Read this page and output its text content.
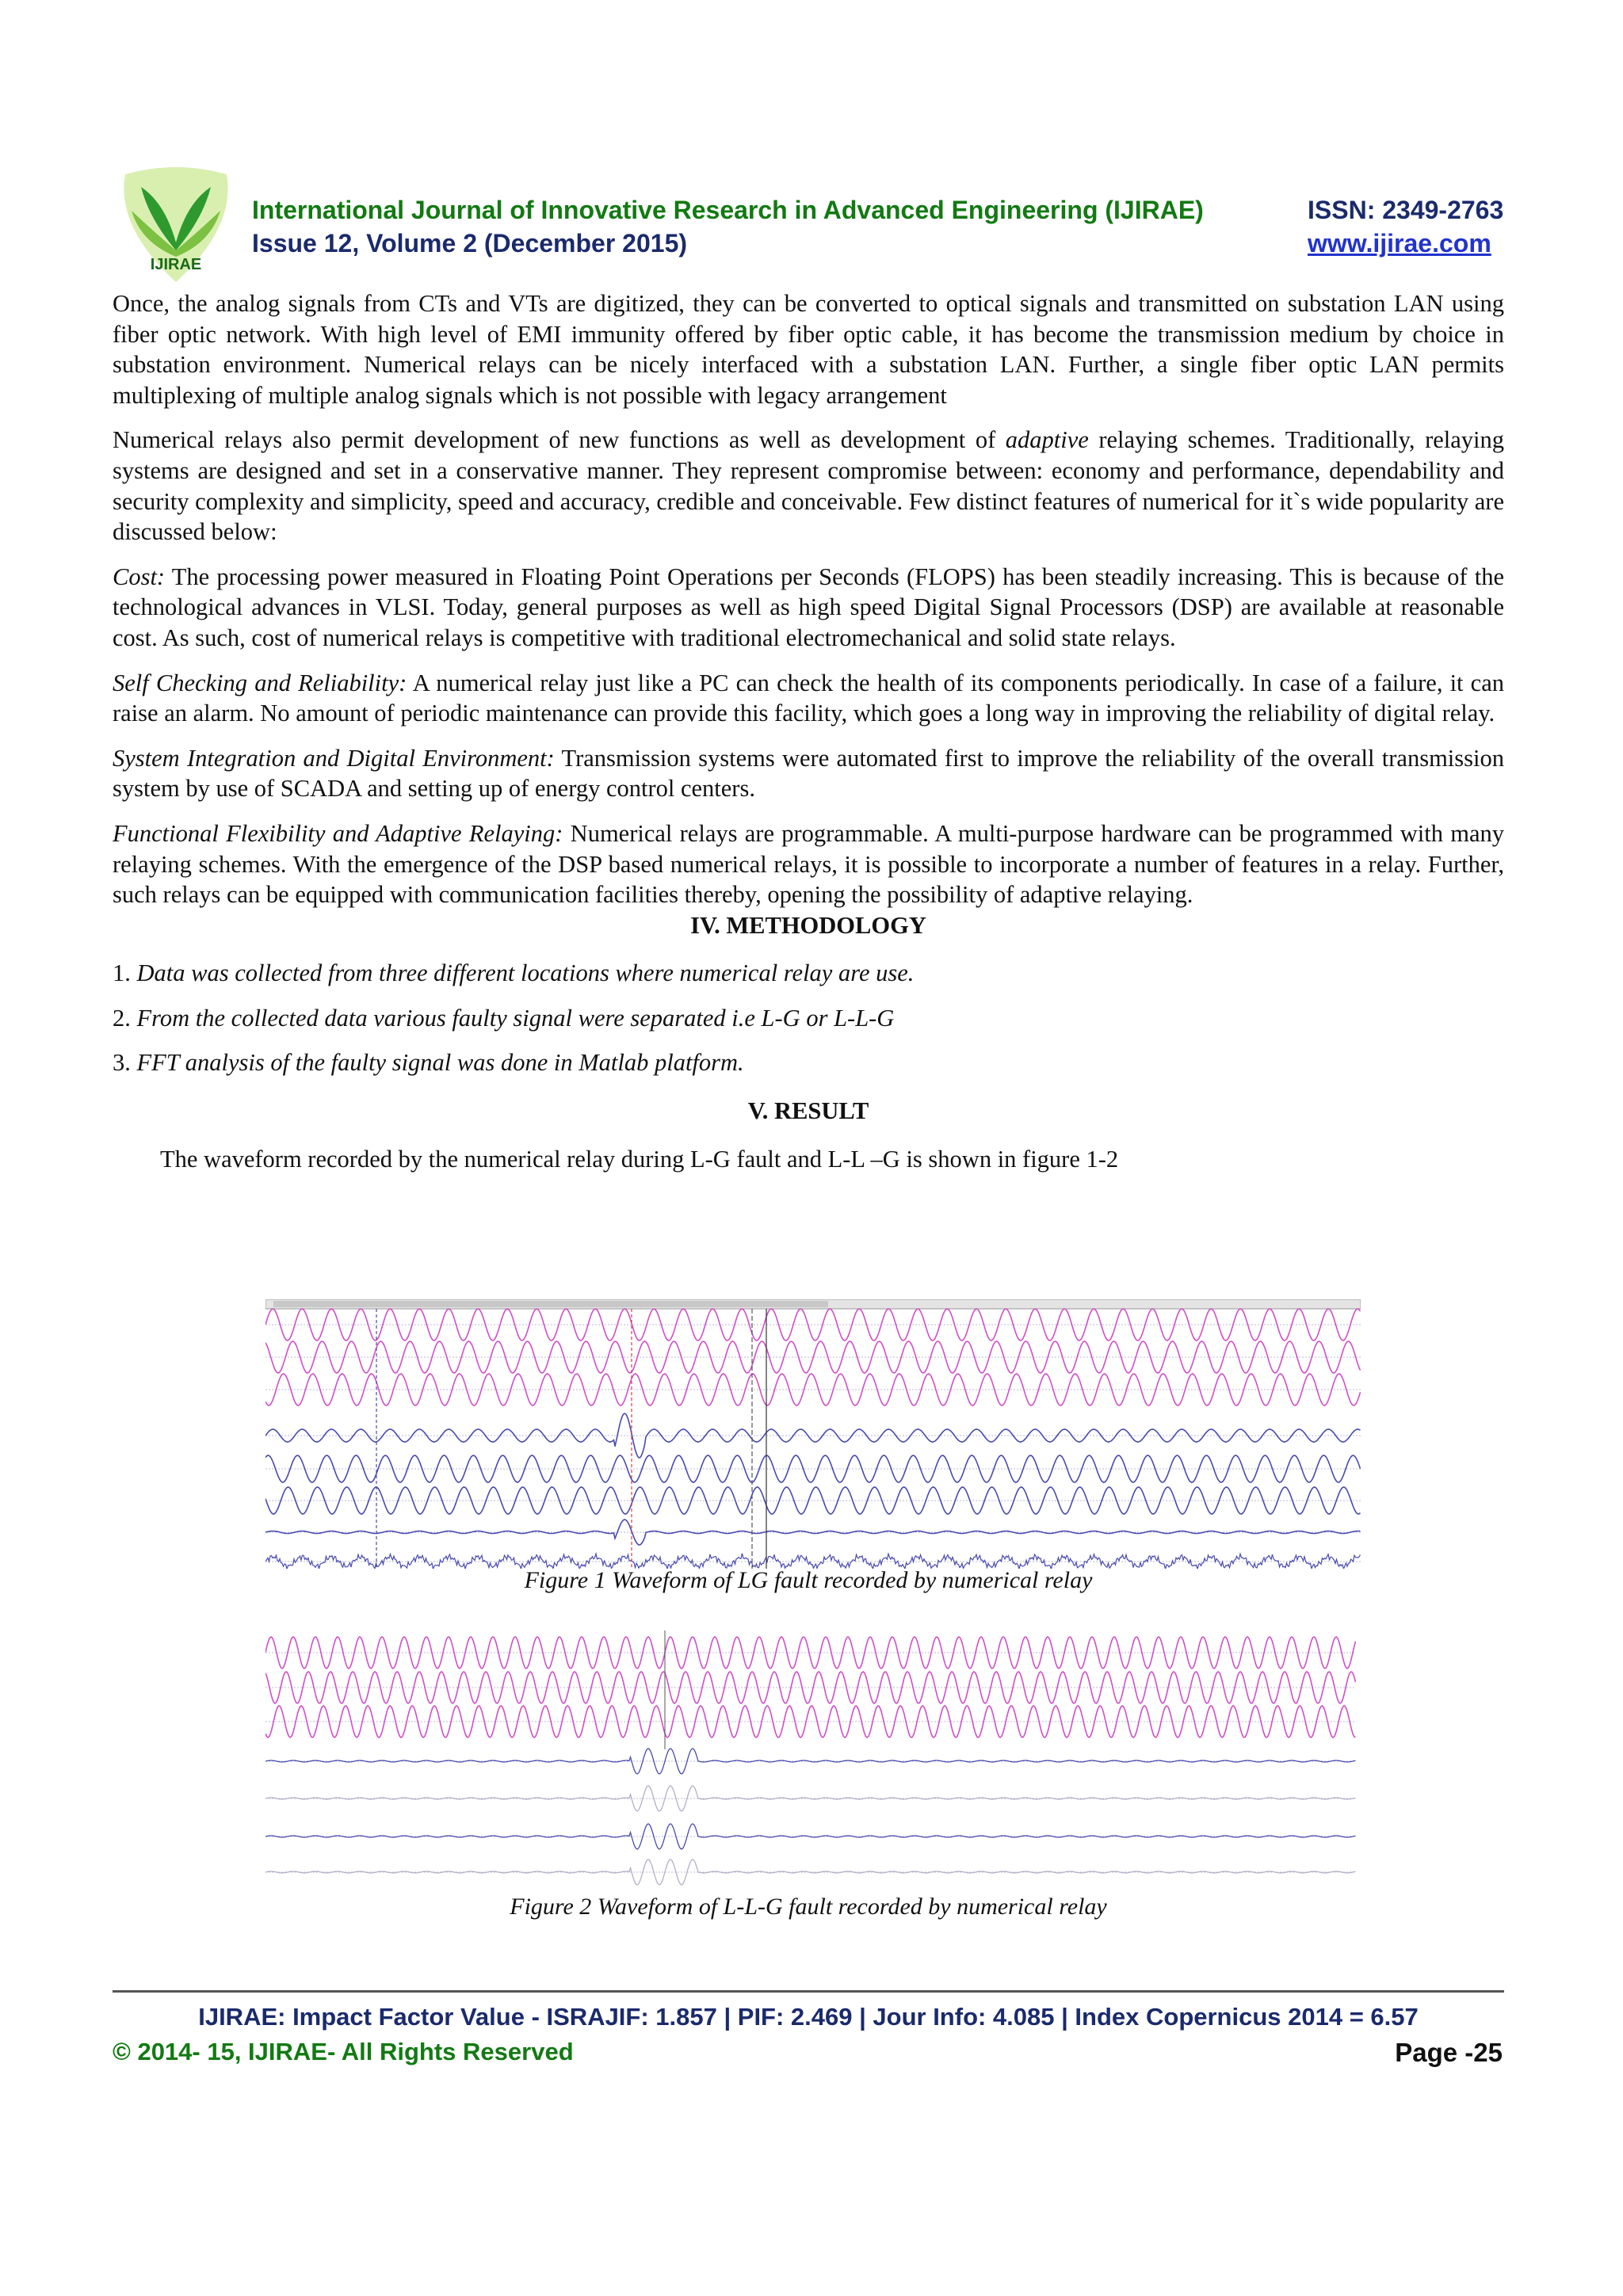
IJIRAE
International Journal of Innovative Research in Advanced Engineering (IJIRAE)
Issue 12, Volume 2 (December 2015)
ISSN: 2349-2763
www.ijirae.com

Once, the analog signals from CTs and VTs are digitized, they can be converted to optical signals and transmitted on substation LAN using fiber optic network. With high level of EMI immunity offered by fiber optic cable, it has become the transmission medium by choice in substation environment. Numerical relays can be nicely interfaced with a substation LAN. Further, a single fiber optic LAN permits multiplexing of multiple analog signals which is not possible with legacy arrangement

Numerical relays also permit development of new functions as well as development of adaptive relaying schemes. Traditionally, relaying systems are designed and set in a conservative manner. They represent compromise between: economy and performance, dependability and security complexity and simplicity, speed and accuracy, credible and conceivable. Few distinct features of numerical for it`s wide popularity are discussed below:

Cost: The processing power measured in Floating Point Operations per Seconds (FLOPS) has been steadily increasing. This is because of the technological advances in VLSI. Today, general purposes as well as high speed Digital Signal Processors (DSP) are available at reasonable cost. As such, cost of numerical relays is competitive with traditional electromechanical and solid state relays.

Self Checking and Reliability: A numerical relay just like a PC can check the health of its components periodically. In case of a failure, it can raise an alarm. No amount of periodic maintenance can provide this facility, which goes a long way in improving the reliability of digital relay.

System Integration and Digital Environment: Transmission systems were automated first to improve the reliability of the overall transmission system by use of SCADA and setting up of energy control centers.

Functional Flexibility and Adaptive Relaying: Numerical relays are programmable. A multi-purpose hardware can be programmed with many relaying schemes. With the emergence of the DSP based numerical relays, it is possible to incorporate a number of features in a relay. Further, such relays can be equipped with communication facilities thereby, opening the possibility of adaptive relaying.

IV. METHODOLOGY

1. Data was collected from three different locations where numerical relay are use.

2. From the collected data various faulty signal were separated i.e L-G or L-L-G

3. FFT analysis of the faulty signal was done in Matlab platform.

V. RESULT

The waveform recorded by the numerical relay during L-G fault and L-L –G is shown in figure 1-2

Figure 1 Waveform of LG fault recorded by numerical relay
Figure 2 Waveform of L-L-G fault recorded by numerical relay
IJIRAE: Impact Factor Value - ISRAJIF: 1.857 | PIF: 2.469 | Jour Info: 4.085 | Index Copernicus 2014 = 6.57
© 2014- 15, IJIRAE- All Rights Reserved	Page -25
